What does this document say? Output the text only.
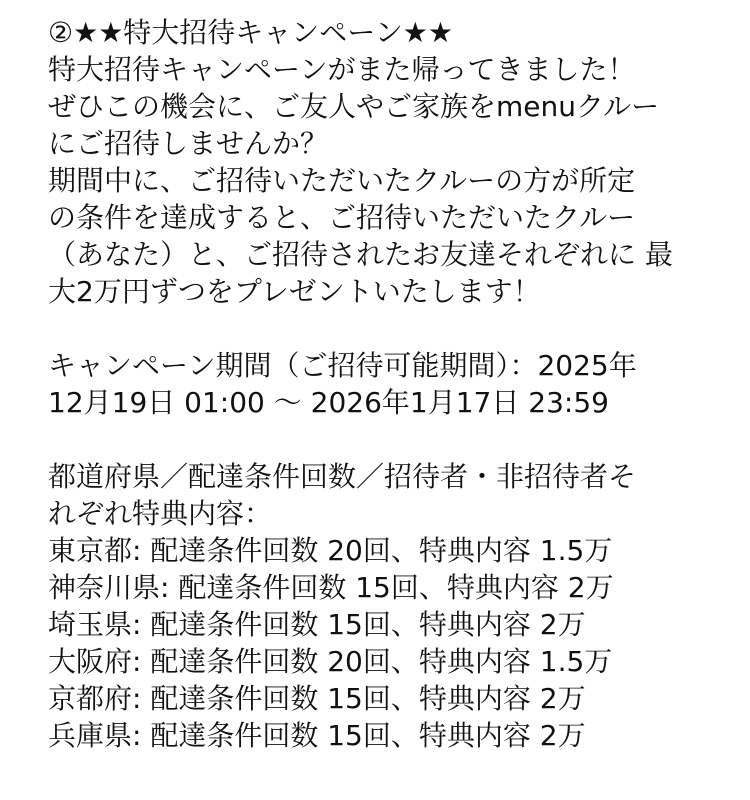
②★★特大招待キャンペーン★★
特大招待キャンペーンがまた帰ってきました！
ぜひこの機会に、ご友人やご家族をmenuクルー
にご招待しませんか？
期間中に、ご招待いただいたクルーの方が所定
の条件を達成すると、ご招待いただいたクルー
（あなた）と、ご招待されたお友達それぞれに 最
大2万円ずつをプレゼントいたします！
キャンペーン期間（ご招待可能期間）：2025年
12月19日 01:00 〜 2026年1月17日 23:59
都道府県／配達条件回数／招待者・非招待者そ
れぞれ特典内容：
東京都: 配達条件回数 20回、特典内容 1.5万
神奈川県: 配達条件回数 15回、特典内容 2万
埼玉県: 配達条件回数 15回、特典内容 2万
大阪府: 配達条件回数 20回、特典内容 1.5万
京都府: 配達条件回数 15回、特典内容 2万
兵庫県: 配達条件回数 15回、特典内容 2万
